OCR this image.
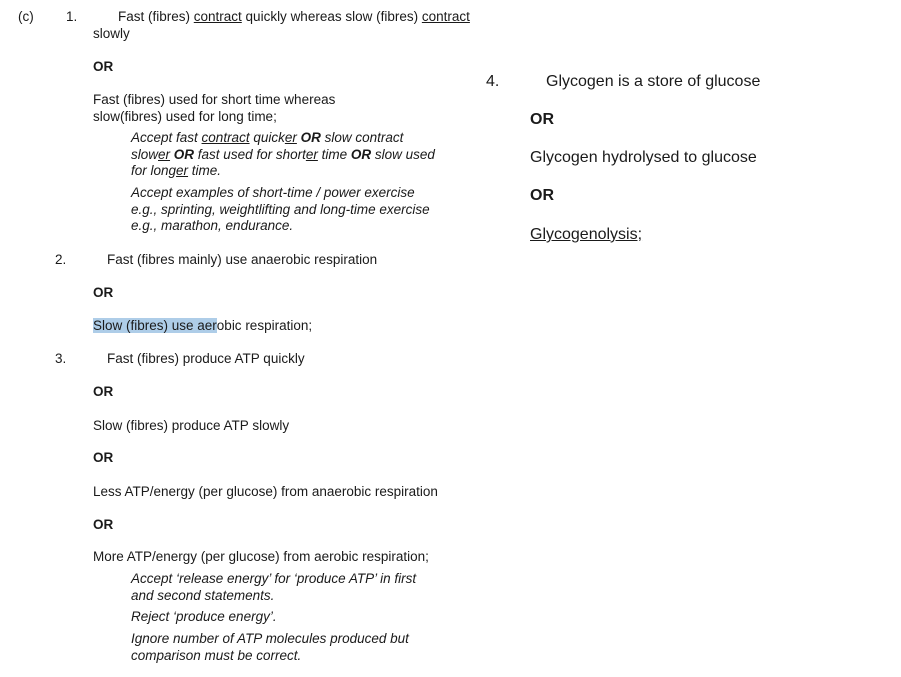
(c) 1.	Fast (fibres) contract quickly whereas slow (fibres) contract
slowly
OR
Fast (fibres) used for short time whereas
slow(fibres) used for long time;
Accept fast contract quicker OR slow contract
slower OR fast used for shorter time OR slow used
for longer time.
Accept examples of short-time / power exercise
e.g., sprinting, weightlifting and long-time exercise
e.g., marathon, endurance.
2.	Fast (fibres mainly) use anaerobic respiration
OR
Slow (fibres) use aerobic respiration;
3.	Fast (fibres) produce ATP quickly
OR
Slow (fibres) produce ATP slowly
OR
Less ATP/energy (per glucose) from anaerobic respiration
OR
More ATP/energy (per glucose) from aerobic respiration;
Accept ‘release energy’ for ‘produce ATP’ in first
and second statements.
Reject ‘produce energy’.
Ignore number of ATP molecules produced but
comparison must be correct.
4.	Glycogen is a store of glucose
OR
Glycogen hydrolysed to glucose
OR
Glycogenolysis;
